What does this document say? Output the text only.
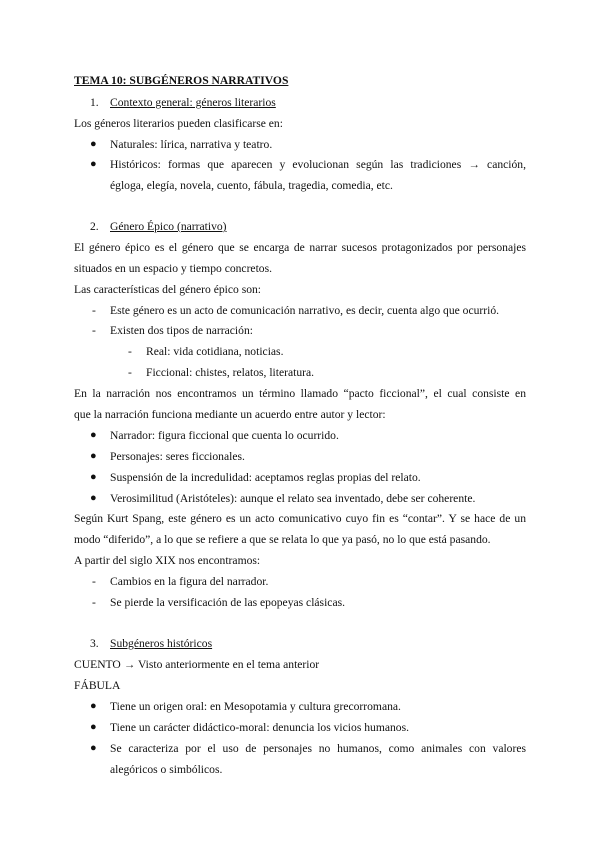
TEMA 10: SUBGÉNEROS NARRATIVOS
1. Contexto general: géneros literarios
Los géneros literarios pueden clasificarse en:
● Naturales: lírica, narrativa y teatro.
● Históricos: formas que aparecen y evolucionan según las tradiciones → canción,
égloga, elegía, novela, cuento, fábula, tragedia, comedia, etc.
2. Género Épico (narrativo)
El género épico es el género que se encarga de narrar sucesos protagonizados por personajes
situados en un espacio y tiempo concretos.
Las características del género épico son:
- Este género es un acto de comunicación narrativo, es decir, cuenta algo que ocurrió.
- Existen dos tipos de narración:
- Real: vida cotidiana, noticias.
- Ficcional: chistes, relatos, literatura.
En la narración nos encontramos un término llamado “pacto ficcional”, el cual consiste en
que la narración funciona mediante un acuerdo entre autor y lector:
● Narrador: figura ficcional que cuenta lo ocurrido.
● Personajes: seres ficcionales.
● Suspensión de la incredulidad: aceptamos reglas propias del relato.
● Verosimilitud (Aristóteles): aunque el relato sea inventado, debe ser coherente.
Según Kurt Spang, este género es un acto comunicativo cuyo fin es “contar”. Y se hace de un
modo “diferido”, a lo que se refiere a que se relata lo que ya pasó, no lo que está pasando.
A partir del siglo XIX nos encontramos:
- Cambios en la figura del narrador.
- Se pierde la versificación de las epopeyas clásicas.
3. Subgéneros históricos
CUENTO → Visto anteriormente en el tema anterior
FÁBULA
● Tiene un origen oral: en Mesopotamia y cultura grecorromana.
● Tiene un carácter didáctico-moral: denuncia los vicios humanos.
● Se caracteriza por el uso de personajes no humanos, como animales con valores
alegóricos o simbólicos.
